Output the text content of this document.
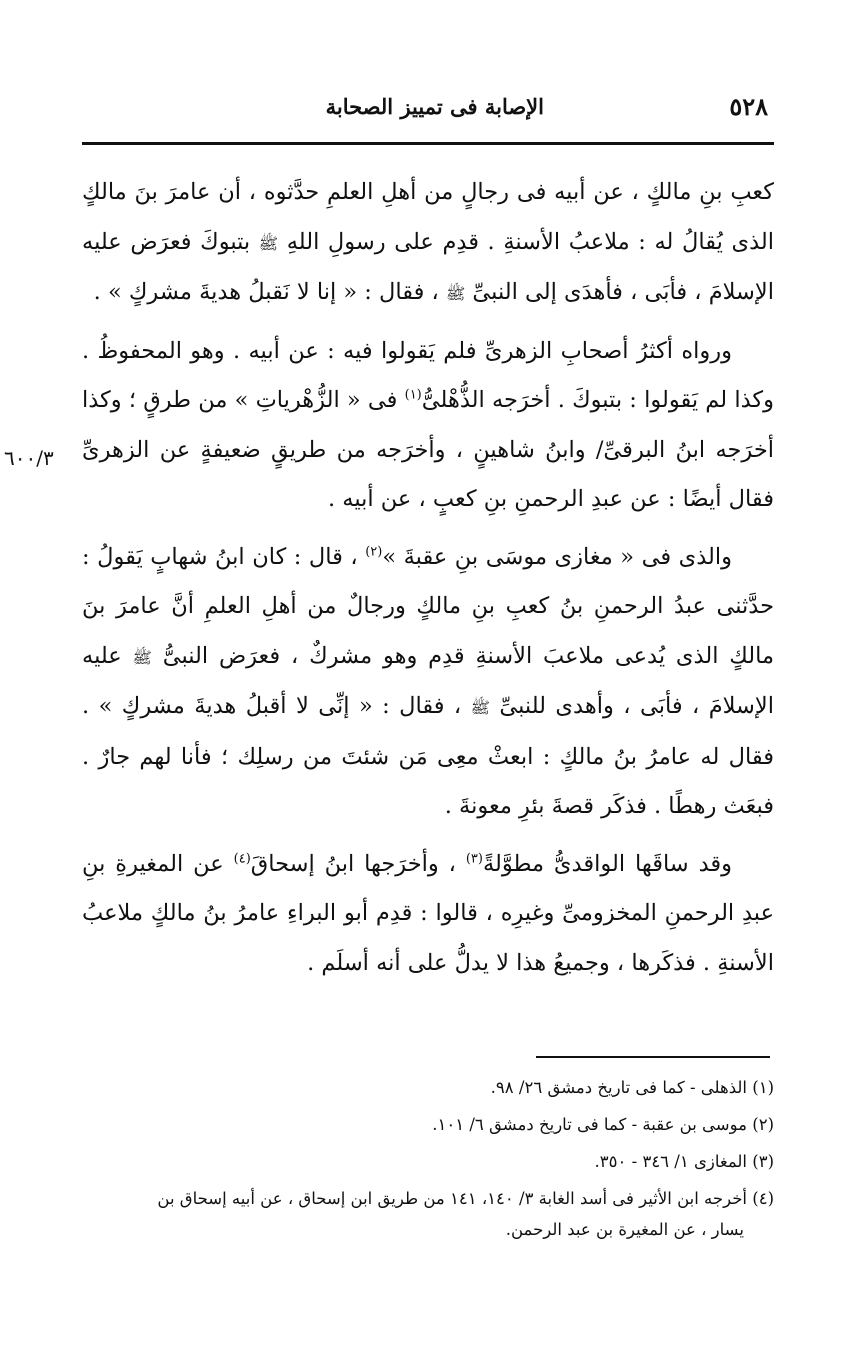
٥٢٨
الإصابة فى تمييز الصحابة
٦٠٠/٣

كعبِ بنِ مالكٍ ، عن أبيه فى رجالٍ من أهلِ العلمِ حدَّثوه ، أن عامرَ بنَ مالكٍ الذى يُقالُ له : ملاعبُ الأسنةِ . قدِم على رسولِ اللهِ ﷺ بتبوكَ فعرَض عليه الإسلامَ ، فأبَى ، فأهدَى إلى النبىِّ ﷺ ، فقال : « إنا لا نَقبلُ هديةَ مشركٍ » .

ورواه أكثرُ أصحابِ الزهرىِّ فلم يَقولوا فيه : عن أبيه . وهو المحفوظُ . وكذا لم يَقولوا : بتبوكَ . أخرَجه الذُّهْلىُّ$^{(١)}$ فى « الزُّهْرياتِ » من طرقٍ ؛ وكذا أخرَجه ابنُ البرقىِّ/ وابنُ شاهينٍ ، وأخرَجه من طريقٍ ضعيفةٍ عن الزهرىِّ فقال أيضًا : عن عبدِ الرحمنِ بنِ كعبٍ ، عن أبيه .

والذى فى « مغازى موسَى بنِ عقبةَ »$^{(٢)}$ ، قال : كان ابنُ شهابٍ يَقولُ : حدَّثنى عبدُ الرحمنِ بنُ كعبِ بنِ مالكٍ ورجالٌ من أهلِ العلمِ أنَّ عامرَ بنَ مالكٍ الذى يُدعى ملاعبَ الأسنةِ قدِم وهو مشركٌ ، فعرَض النبىُّ ﷺ عليه الإسلامَ ، فأبَى ، وأهدى للنبىِّ ﷺ ، فقال : « إنِّى لا أقبلُ هديةَ مشركٍ » . فقال له عامرُ بنُ مالكٍ : ابعثْ معِى مَن شئتَ من رسلِك ؛ فأنا لهم جارٌ . فبعَث رهطًا . فذكَر قصةَ بئرِ معونةَ .

وقد ساقَها الواقدىُّ مطوَّلةً$^{(٣)}$ ، وأخرَجها ابنُ إسحاقَ$^{(٤)}$ عن المغيرةِ بنِ عبدِ الرحمنِ المخزومىِّ وغيرِه ، قالوا : قدِم أبو البراءِ عامرُ بنُ مالكٍ ملاعبُ الأسنةِ . فذكَرها ، وجميعُ هذا لا يدلُّ على أنه أسلَم .

(١) الذهلى - كما فى تاريخ دمشق ٢٦/ ٩٨.
(٢) موسى بن عقبة - كما فى تاريخ دمشق ٦/ ١٠١.
(٣) المغازى ١/ ٣٤٦ - ٣٥٠.
(٤) أخرجه ابن الأثير فى أسد الغابة ٣/ ١٤٠، ١٤١ من طريق ابن إسحاق ، عن أبيه إسحاق بن
يسار ، عن المغيرة بن عبد الرحمن.
